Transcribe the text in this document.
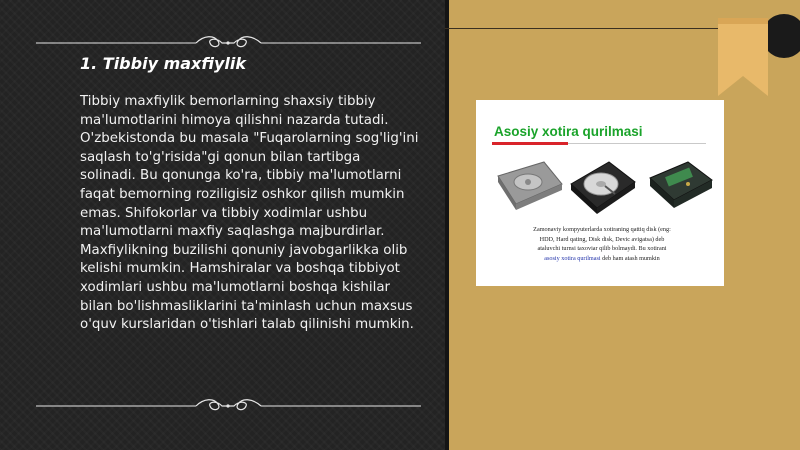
1. Tibbiy maxfiylik
Tibbiy maxfiylik bemorlarning shaxsiy tibbiy ma'lumotlarini himoya qilishni nazarda tutadi. O'zbekistonda bu masala "Fuqarolarning sog'lig'ini saqlash to'g'risida"gi qonun bilan tartibga solinadi. Bu qonunga ko'ra, tibbiy ma'lumotlarni faqat bemorning roziligisiz oshkor qilish mumkin emas. Shifokorlar va tibbiy xodimlar ushbu ma'lumotlarni maxfiy saqlashga majburdirlar. Maxfiylikning buzilishi qonuniy javobgarlikka olib kelishi mumkin. Hamshiralar va boshqa tibbiyot xodimlari ushbu ma'lumotlarni boshqa kishilar bilan bo'lishmasliklarini ta'minlash uchun maxsus o'quv kurslaridan o'tishlari talab qilinishi mumkin.
Asosiy xotira qurilmasi
Zamonaviy kompyuterlarda xotiraning qattiq disk (eng:
HDD, Hard qating, Disk disk, Devic avigatsa) deb
ataluvchi turnsi taxoviar qilib bolmaydi. Bu xotirani
asosiy xotira qurilmasi deb ham atash mumkin
